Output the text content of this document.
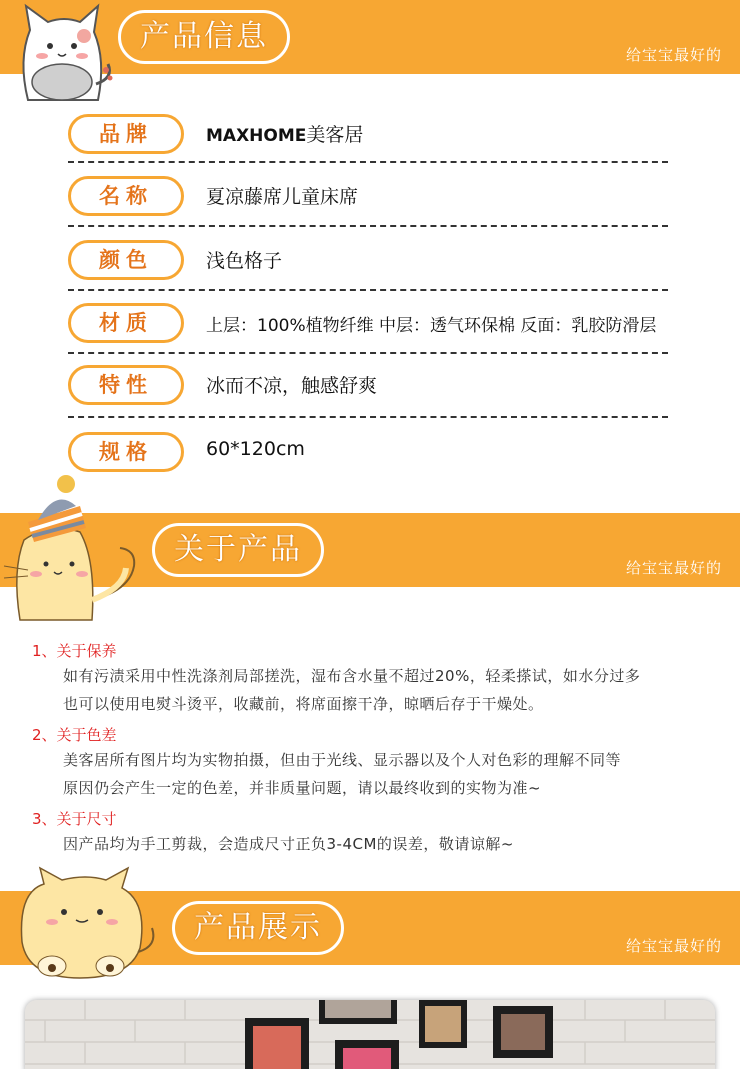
产品信息
给宝宝最好的
品牌	MAXHOME美客居
名称	夏凉藤席儿童床席
颜色	浅色格子
材质	上层：100%植物纤维 中层：透气环保棉 反面：乳胶防滑层
特性	冰而不凉，触感舒爽
规格	60*120cm
关于产品
给宝宝最好的
1、关于保养
如有污渍采用中性洗涤剂局部搓洗，湿布含水量不超过20%，轻柔搽试，如水分过多
也可以使用电熨斗烫平，收藏前，将席面擦干净，晾晒后存于干燥处。
2、关于色差
美客居所有图片均为实物拍摄，但由于光线、显示器以及个人对色彩的理解不同等
原因仍会产生一定的色差，并非质量问题，请以最终收到的实物为准~
3、关于尺寸
因产品均为手工剪裁，会造成尺寸正负3-4CM的误差，敬请谅解~
产品展示
给宝宝最好的
